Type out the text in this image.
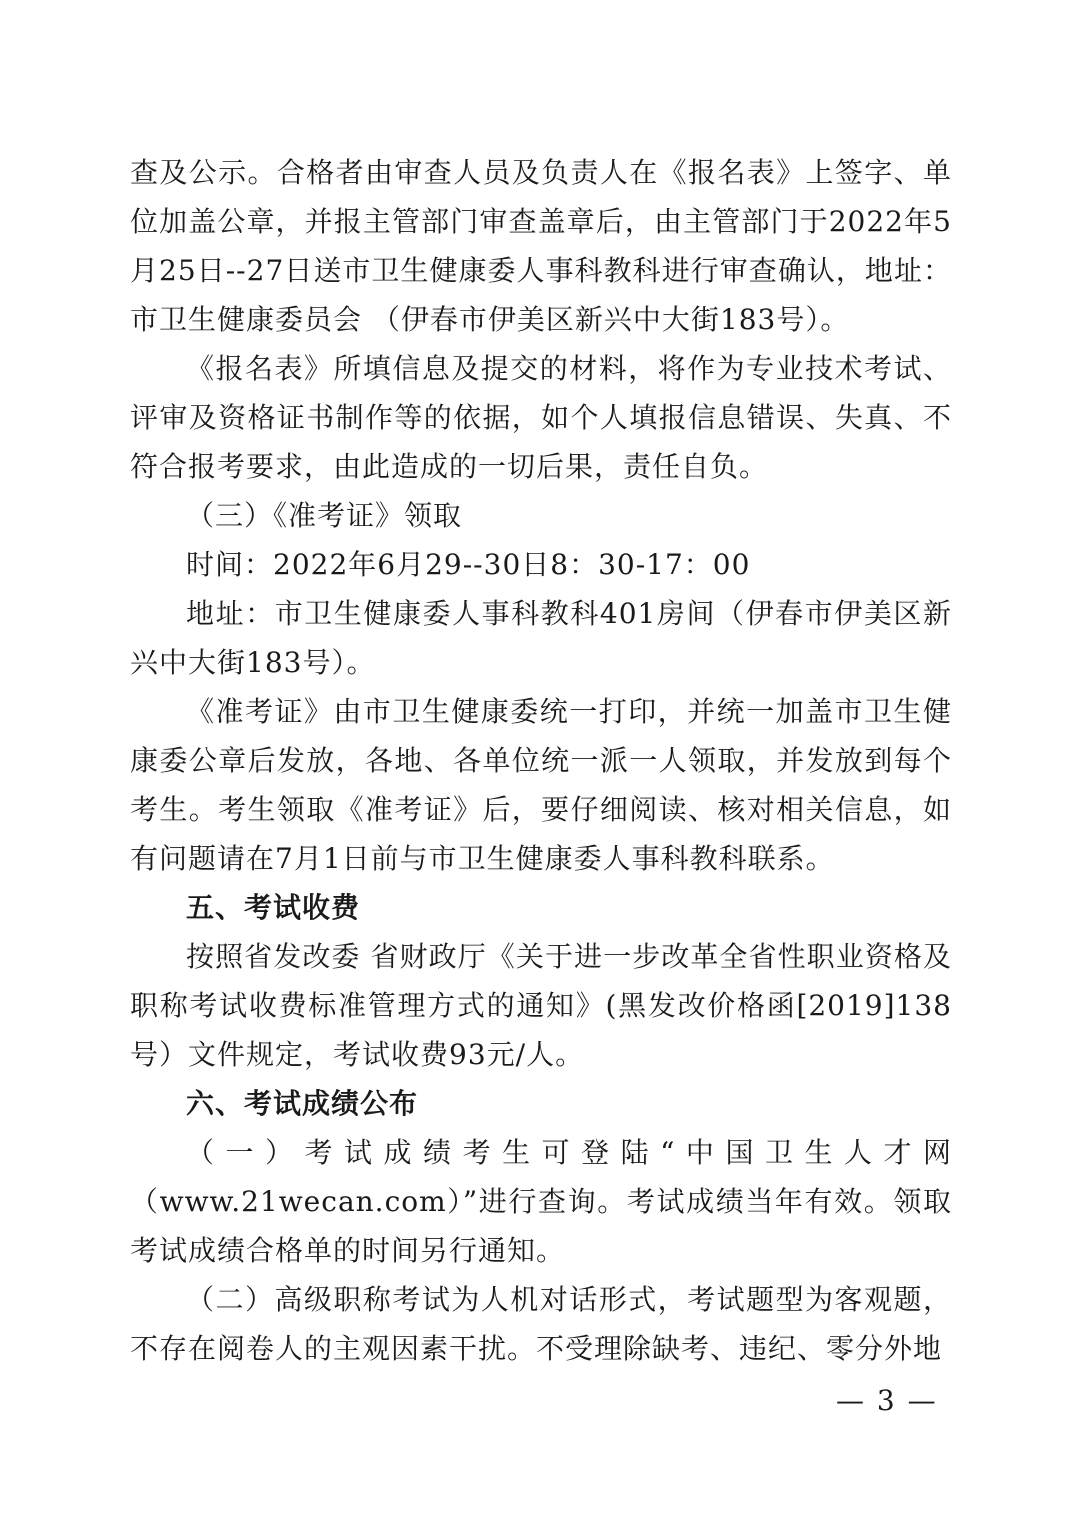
查及公示。合格者由审查人员及负责人在《报名表》上签字、单位加盖公章，并报主管部门审查盖章后，由主管部门于2022年5月25日--27日送市卫生健康委人事科教科进行审查确认，地址：市卫生健康委员会 （伊春市伊美区新兴中大街183号）。

《报名表》所填信息及提交的材料，将作为专业技术考试、评审及资格证书制作等的依据，如个人填报信息错误、失真、不符合报考要求，由此造成的一切后果，责任自负。

（三）《准考证》领取

时间：2022年6月29--30日8：30-17：00

地址：市卫生健康委人事科教科401房间（伊春市伊美区新兴中大街183号）。

《准考证》由市卫生健康委统一打印，并统一加盖市卫生健康委公章后发放，各地、各单位统一派一人领取，并发放到每个考生。考生领取《准考证》后，要仔细阅读、核对相关信息，如有问题请在7月1日前与市卫生健康委人事科教科联系。

五、考试收费

按照省发改委 省财政厅《关于进一步改革全省性职业资格及职称考试收费标准管理方式的通知》(黑发改价格函[2019]138号）文件规定，考试收费93元/人。

六、考试成绩公布

（一）考试成绩考生可登陆“中国卫生人才网

（www.21wecan.com）”进行查询。考试成绩当年有效。领取考试成绩合格单的时间另行通知。

（二）高级职称考试为人机对话形式，考试题型为客观题，不存在阅卷人的主观因素干扰。不受理除缺考、违纪、零分外地

— 3 —
